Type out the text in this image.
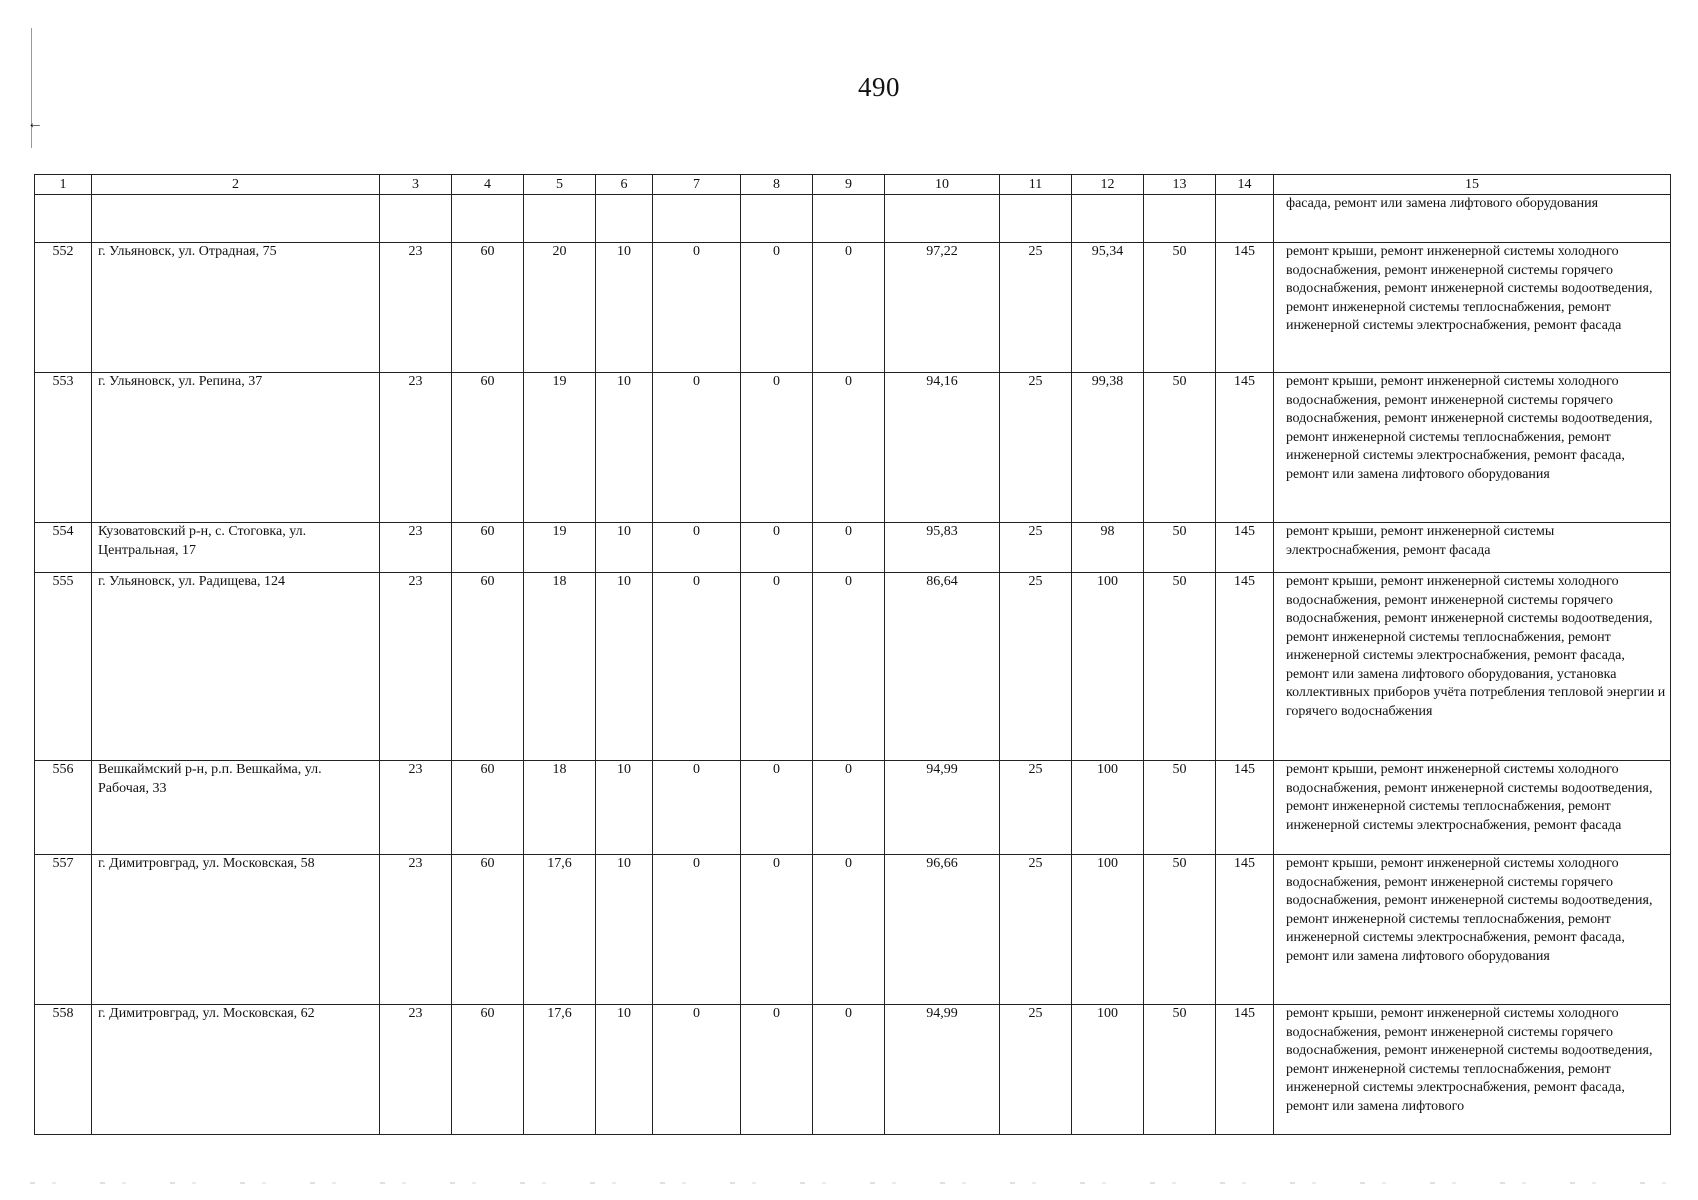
←
490
1	2	3	4	5	6	7	8	9	10	11	12	13	14	15
														фасада, ремонт или замена лифтового оборудования
552	г. Ульяновск, ул. Отрадная, 75	23	60	20	10	0	0	0	97,22	25	95,34	50	145	ремонт крыши, ремонт инженерной системы холодного водоснабжения, ремонт инженерной системы горячего водоснабжения, ремонт инженерной системы водоотведения, ремонт инженерной системы теплоснабжения, ремонт инженерной системы электроснабжения, ремонт фасада
553	г. Ульяновск, ул. Репина, 37	23	60	19	10	0	0	0	94,16	25	99,38	50	145	ремонт крыши, ремонт инженерной системы холодного водоснабжения, ремонт инженерной системы горячего водоснабжения, ремонт инженерной системы водоотведения, ремонт инженерной системы теплоснабжения, ремонт инженерной системы электроснабжения, ремонт фасада, ремонт или замена лифтового оборудования
554	Кузоватовский р-н, с. Стоговка, ул. Центральная, 17	23	60	19	10	0	0	0	95,83	25	98	50	145	ремонт крыши, ремонт инженерной системы электроснабжения, ремонт фасада
555	г. Ульяновск, ул. Радищева, 124	23	60	18	10	0	0	0	86,64	25	100	50	145	ремонт крыши, ремонт инженерной системы холодного водоснабжения, ремонт инженерной системы горячего водоснабжения, ремонт инженерной системы водоотведения, ремонт инженерной системы теплоснабжения, ремонт инженерной системы электроснабжения, ремонт фасада, ремонт или замена лифтового оборудования, установка коллективных приборов учёта потребления тепловой энергии и горячего водоснабжения
556	Вешкаймский р-н, р.п. Вешкайма, ул. Рабочая, 33	23	60	18	10	0	0	0	94,99	25	100	50	145	ремонт крыши, ремонт инженерной системы холодного водоснабжения, ремонт инженерной системы водоотведения, ремонт инженерной системы теплоснабжения, ремонт инженерной системы электроснабжения, ремонт фасада
557	г. Димитровград, ул. Московская, 58	23	60	17,6	10	0	0	0	96,66	25	100	50	145	ремонт крыши, ремонт инженерной системы холодного водоснабжения, ремонт инженерной системы горячего водоснабжения, ремонт инженерной системы водоотведения, ремонт инженерной системы теплоснабжения, ремонт инженерной системы электроснабжения, ремонт фасада, ремонт или замена лифтового оборудования
558	г. Димитровград, ул. Московская, 62	23	60	17,6	10	0	0	0	94,99	25	100	50	145	ремонт крыши, ремонт инженерной системы холодного водоснабжения, ремонт инженерной системы горячего водоснабжения, ремонт инженерной системы водоотведения, ремонт инженерной системы теплоснабжения, ремонт инженерной системы электроснабжения, ремонт фасада, ремонт или замена лифтового
